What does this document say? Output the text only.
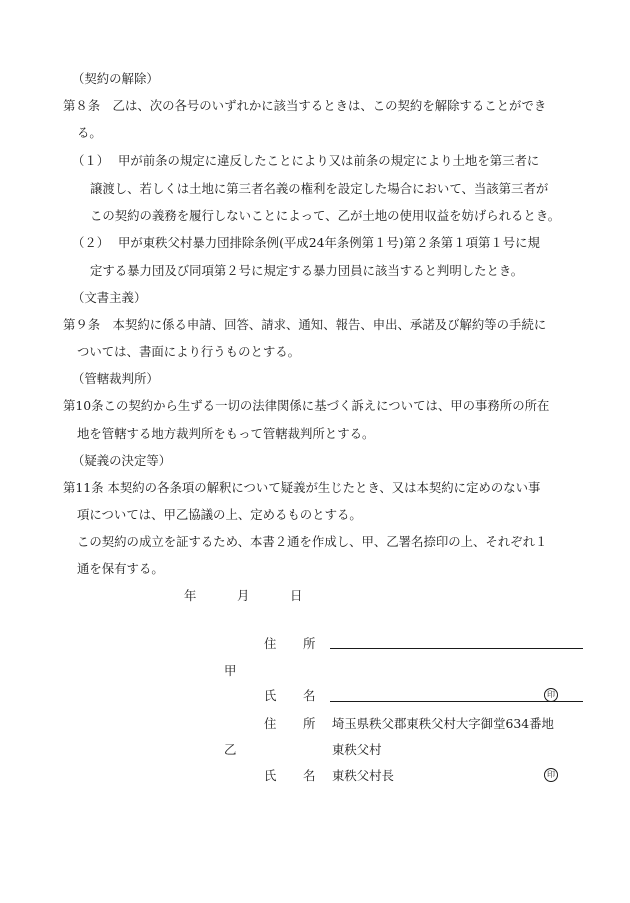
（契約の解除）
第８条　乙は、次の各号のいずれかに該当するときは、この契約を解除することができ
る。
（１） 甲が前条の規定に違反したことにより又は前条の規定により土地を第三者に
譲渡し、若しくは土地に第三者名義の権利を設定した場合において、当該第三者が
この契約の義務を履行しないことによって、乙が土地の使用収益を妨げられるとき。
（２） 甲が東秩父村暴力団排除条例(平成24年条例第１号)第２条第１項第１号に規
定する暴力団及び同項第２号に規定する暴力団員に該当すると判明したとき。
（文書主義）
第９条　本契約に係る申請、回答、請求、通知、報告、申出、承諾及び解約等の手続に
ついては、書面により行うものとする。
（管轄裁判所）
第10条この契約から生ずる一切の法律関係に基づく訴えについては、甲の事務所の所在
地を管轄する地方裁判所をもって管轄裁判所とする。
（疑義の決定等）
第11条 本契約の各条項の解釈について疑義が生じたとき、又は本契約に定めのない事
項については、甲乙協議の上、定めるものとする。
この契約の成立を証するため、本書２通を作成し、甲、乙署名捺印の上、それぞれ１
通を保有する。
年	月	日
住 所
甲
氏 名	印
住 所 埼玉県秩父郡東秩父村大字御堂634番地
乙	東秩父村
氏 名 東秩父村長	印
